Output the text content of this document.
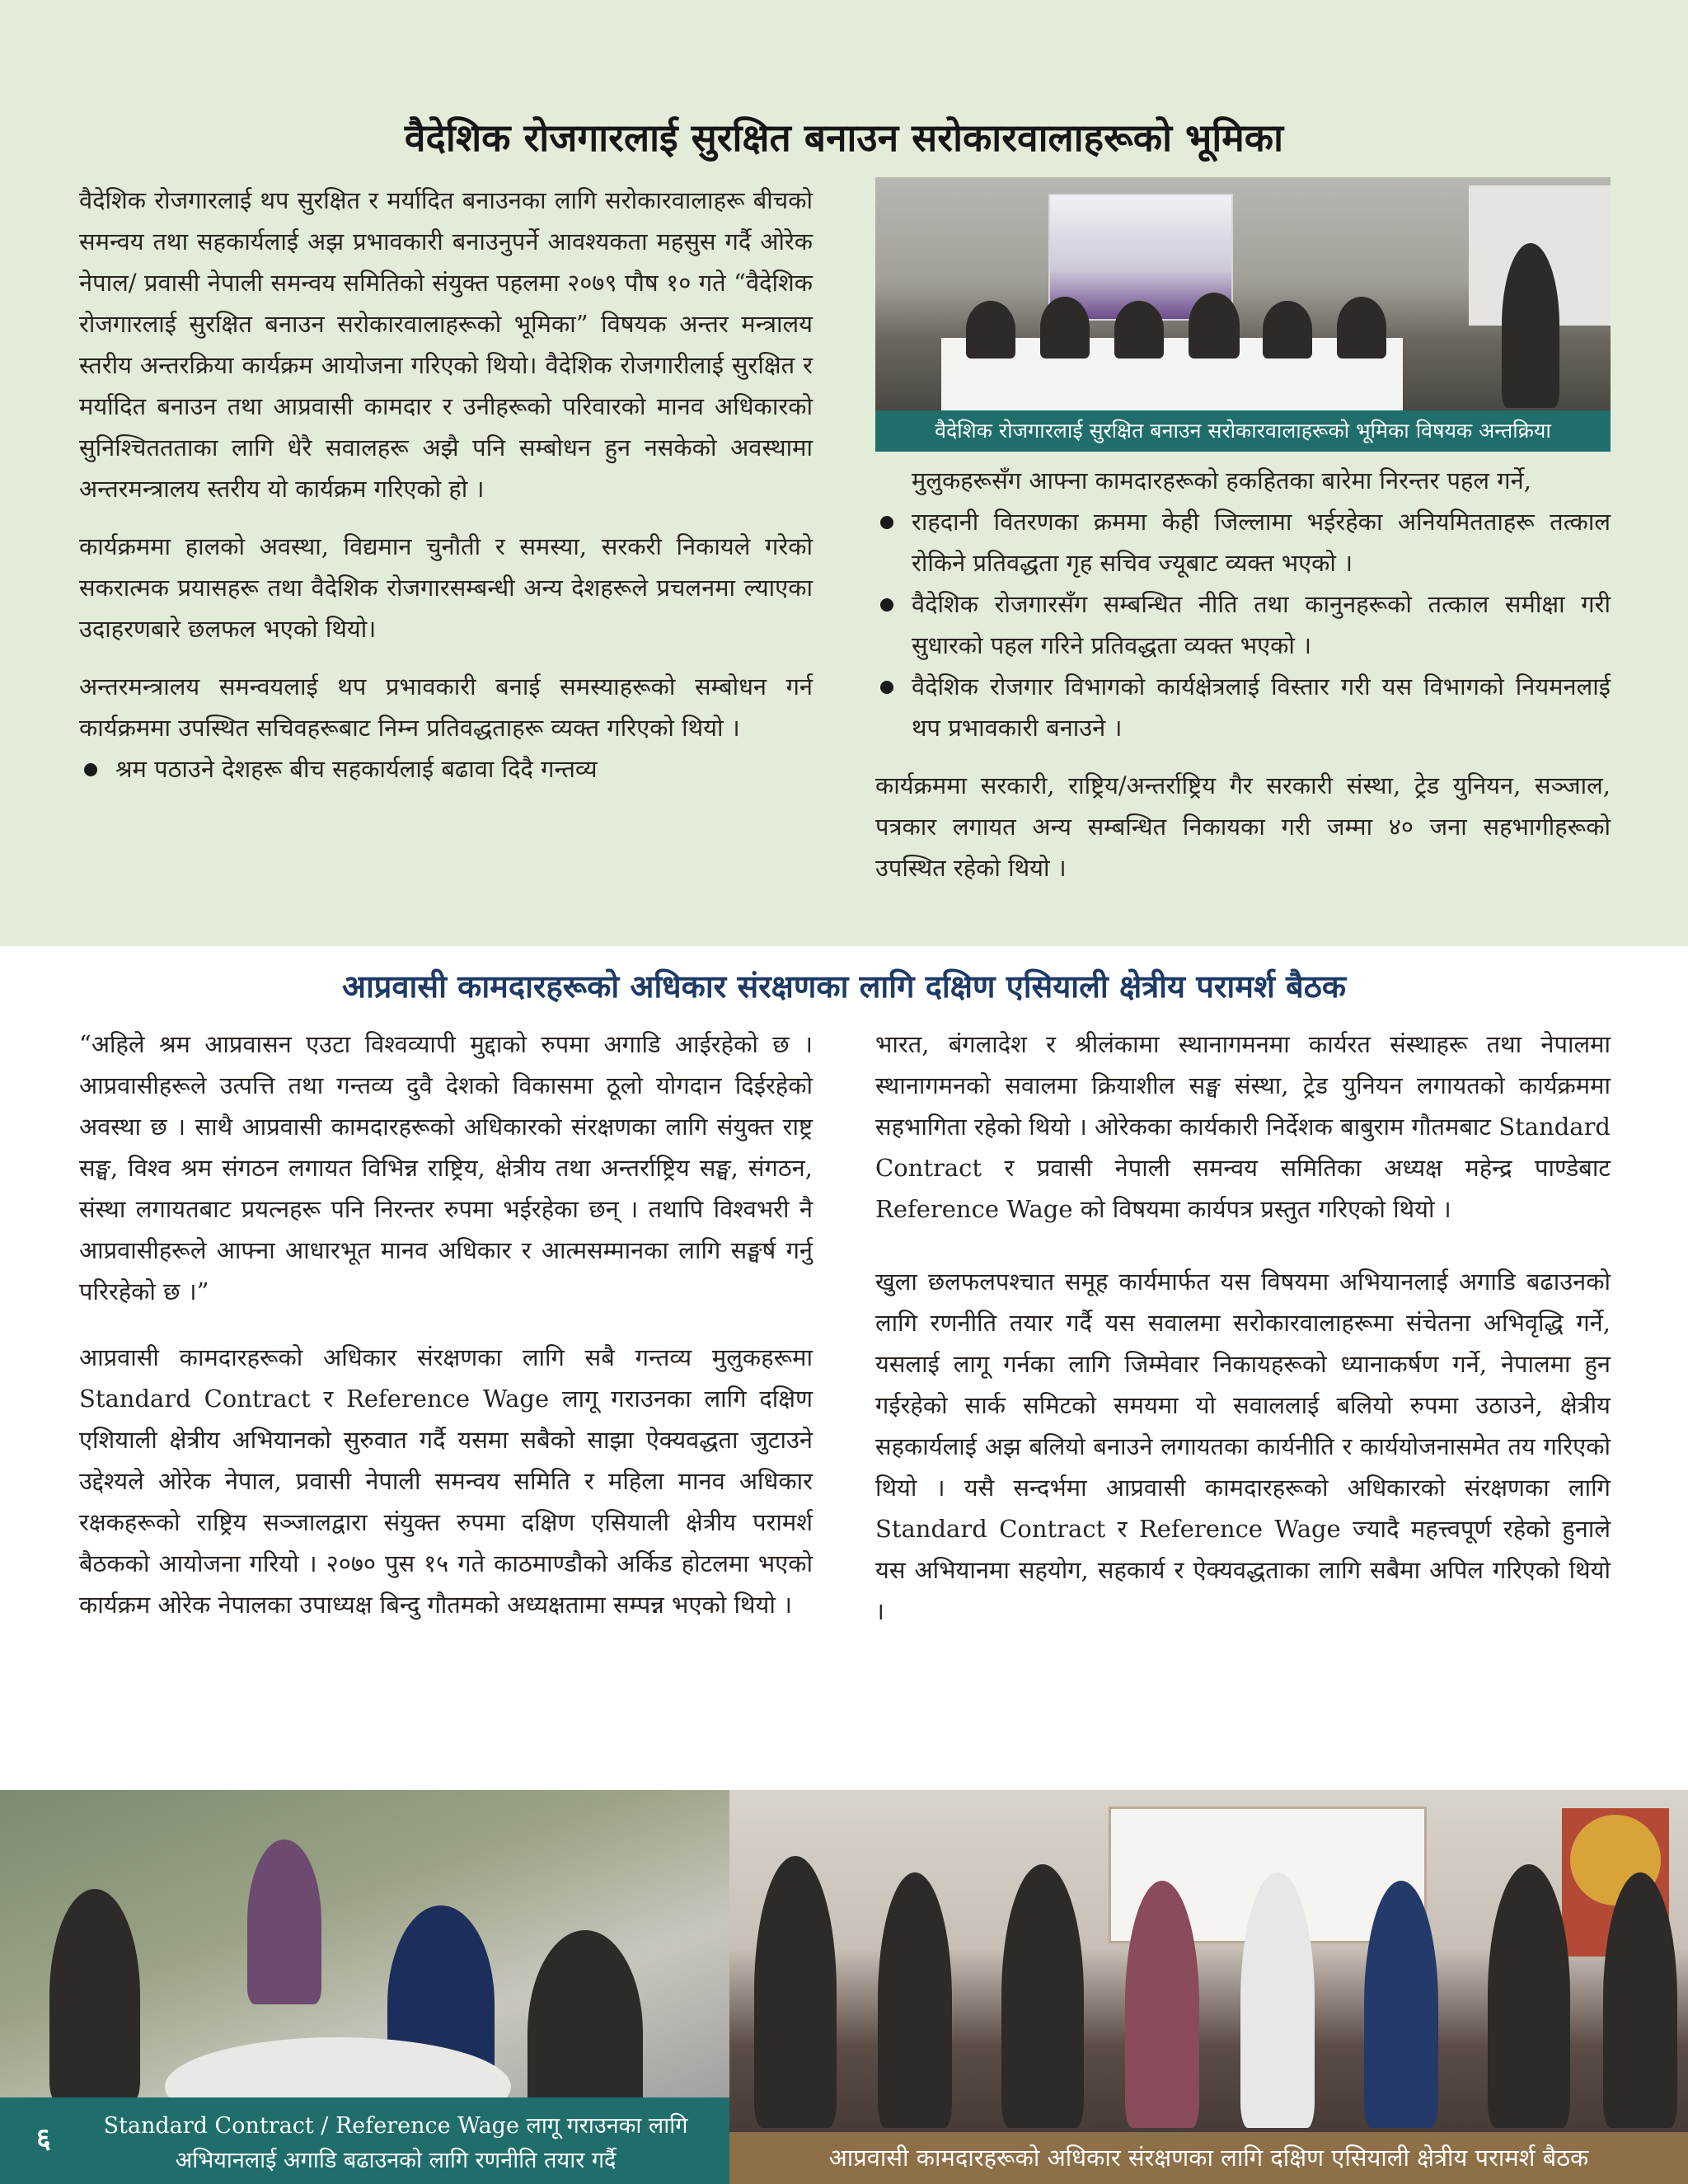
वैदेशिक रोजगारलाई सुरक्षित बनाउन सरोकारवालाहरूको भूमिका

वैदेशिक रोजगारलाई थप सुरक्षित र मर्यादित बनाउनका लागि सरोकारवालाहरू बीचको समन्वय तथा सहकार्यलाई अझ प्रभावकारी बनाउनुपर्ने आवश्यकता महसुस गर्दै ओरेक नेपाल/ प्रवासी नेपाली समन्वय समितिको संयुक्त पहलमा २०७९ पौष १० गते “वैदेशिक रोजगारलाई सुरक्षित बनाउन सरोकारवालाहरूको भूमिका” विषयक अन्तर मन्त्रालय स्तरीय अन्तरक्रिया कार्यक्रम आयोजना गरिएको थियो। वैदेशिक रोजगारीलाई सुरक्षित र मर्यादित बनाउन तथा आप्रवासी कामदार र उनीहरूको परिवारको मानव अधिकारको सुनिश्चिततताका लागि धेरै सवालहरू अझै पनि सम्बोधन हुन नसकेको अवस्थामा अन्तरमन्त्रालय स्तरीय यो कार्यक्रम गरिएको हो ।

कार्यक्रममा हालको अवस्था, विद्यमान चुनौती र समस्या, सरकरी निकायले गरेको सकरात्मक प्रयासहरू तथा वैदेशिक रोजगारसम्बन्धी अन्य देशहरूले प्रचलनमा ल्याएका उदाहरणबारे छलफल भएको थियो।

अन्तरमन्त्रालय समन्वयलाई थप प्रभावकारी बनाई समस्याहरूको सम्बोधन गर्न कार्यक्रममा उपस्थित सचिवहरूबाट निम्न प्रतिवद्धताहरू व्यक्त गरिएको थियो ।

श्रम पठाउने देशहरू बीच सहकार्यलाई बढावा दिदै गन्तव्य
वैदेशिक रोजगारलाई सुरक्षित बनाउन सरोकारवालाहरूको भूमिका विषयक अन्तक्रिया
मुलुकहरूसँग आफ्ना कामदारहरूको हकहितका बारेमा निरन्तर पहल गर्ने,
राहदानी वितरणका क्रममा केही जिल्लामा भईरहेका अनियमितताहरू तत्काल रोकिने प्रतिवद्धता गृह सचिव ज्यूबाट व्यक्त भएको ।
वैदेशिक रोजगारसँग सम्बन्धित नीति तथा कानुनहरूको तत्काल समीक्षा गरी सुधारको पहल गरिने प्रतिवद्धता व्यक्त भएको ।
वैदेशिक रोजगार विभागको कार्यक्षेत्रलाई विस्तार गरी यस विभागको नियमनलाई थप प्रभावकारी बनाउने ।

कार्यक्रममा सरकारी, राष्ट्रिय/अन्तर्राष्ट्रिय गैर सरकारी संस्था, ट्रेड युनियन, सञ्जाल, पत्रकार लगायत अन्य सम्बन्धित निकायका गरी जम्मा ४० जना सहभागीहरूको उपस्थित रहेको थियो ।

आप्रवासी कामदारहरूको अधिकार संरक्षणका लागि दक्षिण एसियाली क्षेत्रीय परामर्श बैठक

“अहिले श्रम आप्रवासन एउटा विश्वव्यापी मुद्दाको रुपमा अगाडि आईरहेको छ । आप्रवासीहरूले उत्पत्ति तथा गन्तव्य दुवै देशको विकासमा ठूलो योगदान दिईरहेको अवस्था छ । साथै आप्रवासी कामदारहरूको अधिकारको संरक्षणका लागि संयुक्त राष्ट्र सङ्घ, विश्व श्रम संगठन लगायत विभिन्न राष्ट्रिय, क्षेत्रीय तथा अन्तर्राष्ट्रिय सङ्घ, संगठन, संस्था लगायतबाट प्रयत्नहरू पनि निरन्तर रुपमा भईरहेका छन् । तथापि विश्वभरी नै आप्रवासीहरूले आफ्ना आधारभूत मानव अधिकार र आत्मसम्मानका लागि सङ्घर्ष गर्नु परिरहेको छ ।”

आप्रवासी कामदारहरूको अधिकार संरक्षणका लागि सबै गन्तव्य मुलुकहरूमा Standard Contract र Reference Wage लागू गराउनका लागि दक्षिण एशियाली क्षेत्रीय अभियानको सुरुवात गर्दै यसमा सबैको साझा ऐक्यवद्धता जुटाउने उद्देश्यले ओरेक नेपाल, प्रवासी नेपाली समन्वय समिति र महिला मानव अधिकार रक्षकहरूको राष्ट्रिय सञ्जालद्वारा संयुक्त रुपमा दक्षिण एसियाली क्षेत्रीय परामर्श बैठकको आयोजना गरियो । २०७० पुस १५ गते काठमाण्डौको अर्किड होटलमा भएको कार्यक्रम ओरेक नेपालका उपाध्यक्ष बिन्दु गौतमको अध्यक्षतामा सम्पन्न भएको थियो ।

भारत, बंगलादेश र श्रीलंकामा स्थानागमनमा कार्यरत संस्थाहरू तथा नेपालमा स्थानागमनको सवालमा क्रियाशील सङ्घ संस्था, ट्रेड युनियन लगायतको कार्यक्रममा सहभागिता रहेको थियो । ओरेकका कार्यकारी निर्देशक बाबुराम गौतमबाट Standard Contract र प्रवासी नेपाली समन्वय समितिका अध्यक्ष महेन्द्र पाण्डेबाट Reference Wage को विषयमा कार्यपत्र प्रस्तुत गरिएको थियो ।

खुला छलफलपश्चात समूह कार्यमार्फत यस विषयमा अभियानलाई अगाडि बढाउनको लागि रणनीति तयार गर्दै यस सवालमा सरोकारवालाहरूमा संचेतना अभिवृद्धि गर्ने, यसलाई लागू गर्नका लागि जिम्मेवार निकायहरूको ध्यानाकर्षण गर्ने, नेपालमा हुन गईरहेको सार्क समिटको समयमा यो सवाललाई बलियो रुपमा उठाउने, क्षेत्रीय सहकार्यलाई अझ बलियो बनाउने लगायतका कार्यनीति र कार्ययोजनासमेत तय गरिएको थियो । यसै सन्दर्भमा आप्रवासी कामदारहरूको अधिकारको संरक्षणका लागि Standard Contract र Reference Wage ज्यादै महत्त्वपूर्ण रहेको हुनाले यस अभियानमा सहयोग, सहकार्य र ऐक्यवद्धताका लागि सबैमा अपिल गरिएको थियो ।

Standard Contract / Reference Wage लागू गराउनका लागि
अभियानलाई अगाडि बढाउनको लागि रणनीति तयार गर्दै
६
आप्रवासी कामदारहरूको अधिकार संरक्षणका लागि दक्षिण एसियाली क्षेत्रीय परामर्श बैठक
